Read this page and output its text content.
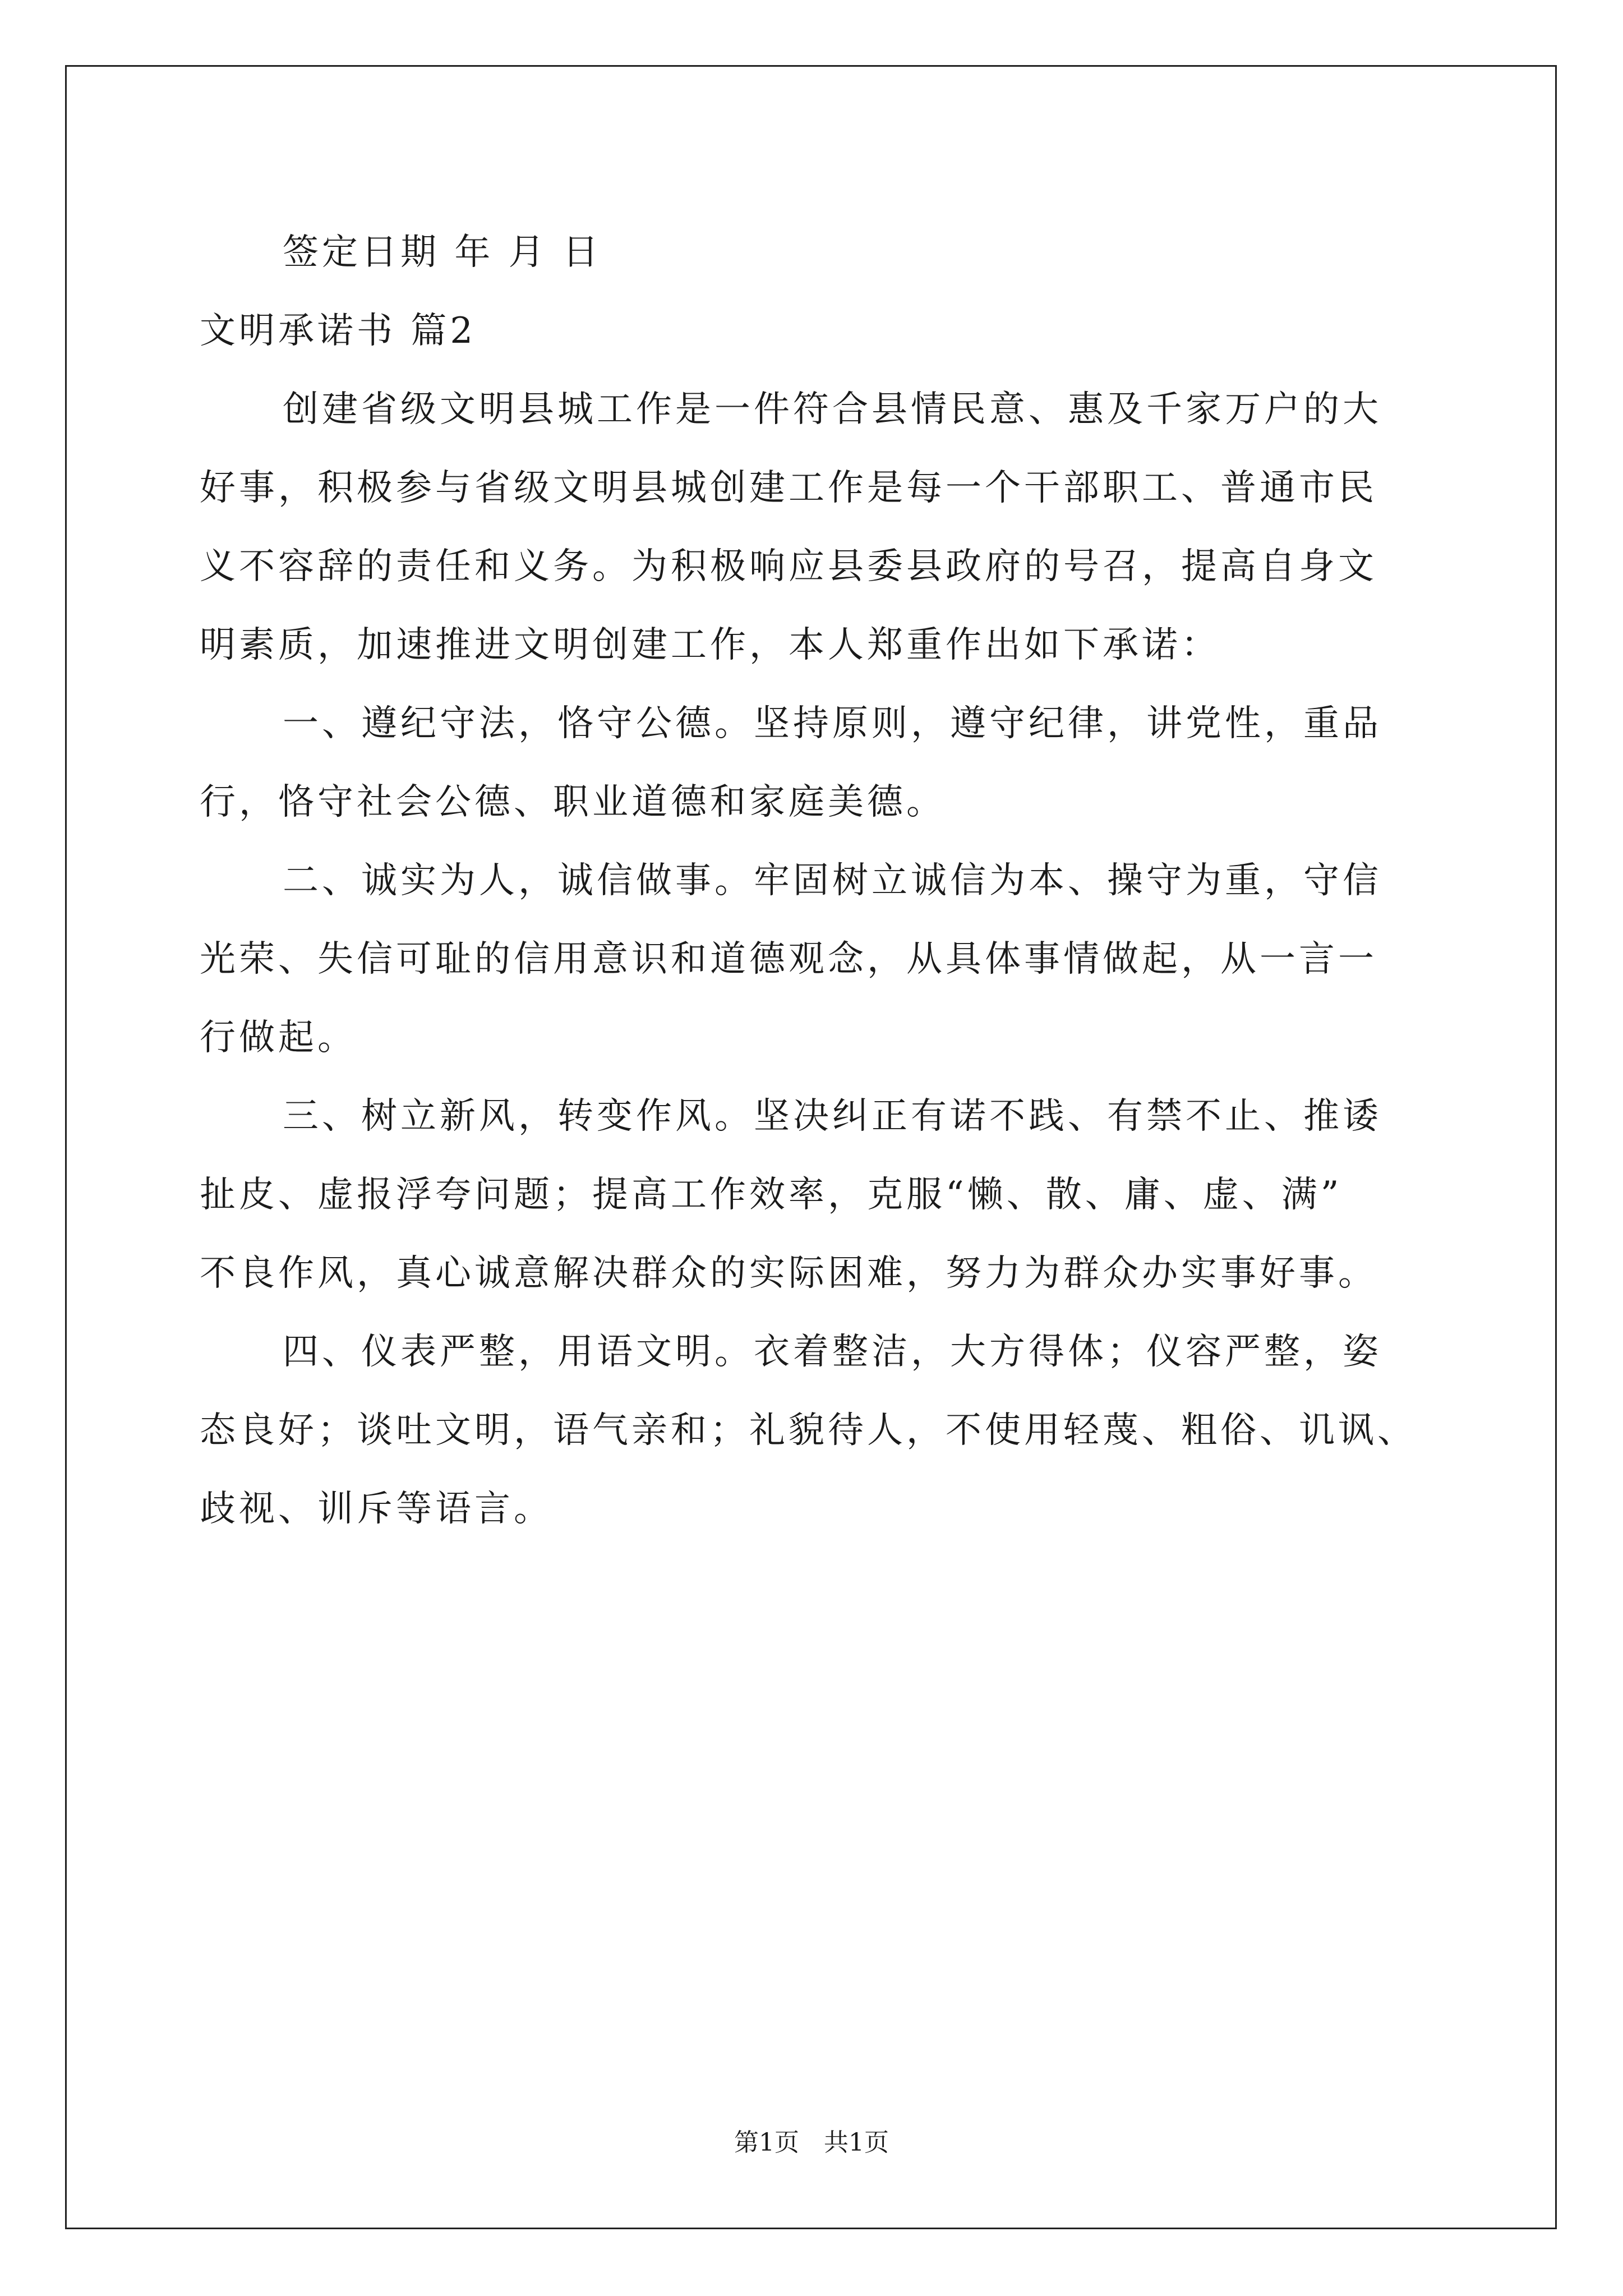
签定日期 年 月 日
文明承诺书 篇2
创建省级文明县城工作是一件符合县情民意、惠及千家万户的大
好事，积极参与省级文明县城创建工作是每一个干部职工、普通市民
义不容辞的责任和义务。为积极响应县委县政府的号召，提高自身文
明素质，加速推进文明创建工作，本人郑重作出如下承诺：
一、遵纪守法，恪守公德。坚持原则，遵守纪律，讲党性，重品
行，恪守社会公德、职业道德和家庭美德。
二、诚实为人，诚信做事。牢固树立诚信为本、操守为重，守信
光荣、失信可耻的信用意识和道德观念，从具体事情做起，从一言一
行做起。
三、树立新风，转变作风。坚决纠正有诺不践、有禁不止、推诿
扯皮、虚报浮夸问题；提高工作效率，克服“懒、散、庸、虚、满”
不良作风，真心诚意解决群众的实际困难，努力为群众办实事好事。
四、仪表严整，用语文明。衣着整洁，大方得体；仪容严整，姿
态良好；谈吐文明，语气亲和；礼貌待人，不使用轻蔑、粗俗、讥讽、
歧视、训斥等语言。
第1页　共1页
